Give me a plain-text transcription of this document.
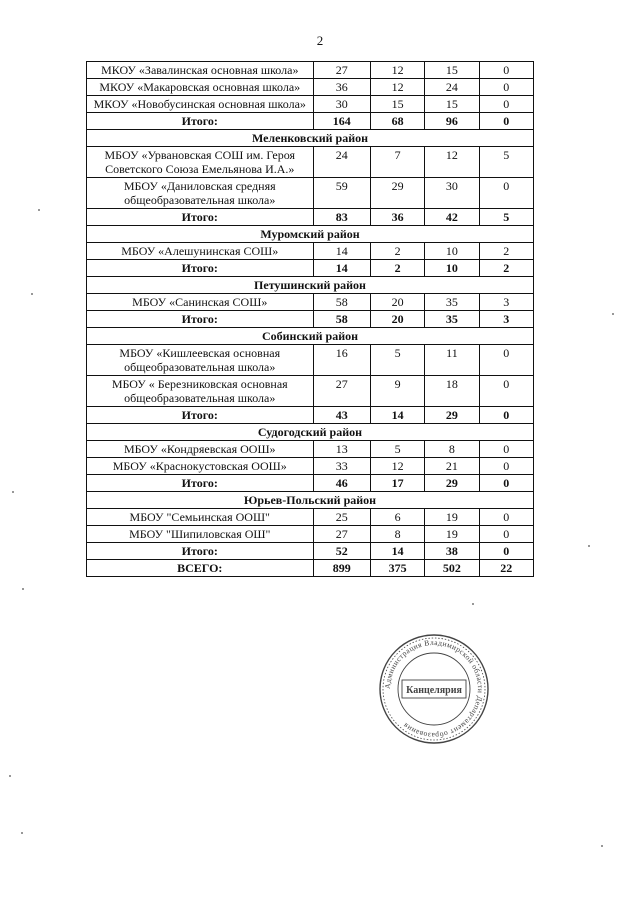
2
МКОУ «Завалинская основная школа»	27	12	15	0
МКОУ «Макаровская основная школа»	36	12	24	0
МКОУ «Новобусинская основная школа»	30	15	15	0
Итого:	164	68	96	0
Меленковский район				
МБОУ «Урвановская СОШ им. Героя Советского Союза Емельянова И.А.»	24	7	12	5
МБОУ «Даниловская средняя общеобразовательная школа»	59	29	30	0
Итого:	83	36	42	5
Муромский район				
МБОУ «Алешунинская СОШ»	14	2	10	2
Итого:	14	2	10	2
Петушинский район				
МБОУ «Санинская СОШ»	58	20	35	3
Итого:	58	20	35	3
Собинский район				
МБОУ «Кишлеевская основная общеобразовательная школа»	16	5	11	0
МБОУ « Березниковская основная общеобразовательная школа»	27	9	18	0
Итого:	43	14	29	0
Судогодский район				
МБОУ «Кондряевская ООШ»	13	5	8	0
МБОУ «Краснокустовская ООШ»	33	12	21	0
Итого:	46	17	29	0
Юрьев-Польский район				
МБОУ "Семьинская ООШ"	25	6	19	0
МБОУ "Шипиловская ОШ"	27	8	19	0
Итого:	52	14	38	0
ВСЕГО:	899	375	502	22
Администрация Владимирской области Департамент образования
Канцелярия
